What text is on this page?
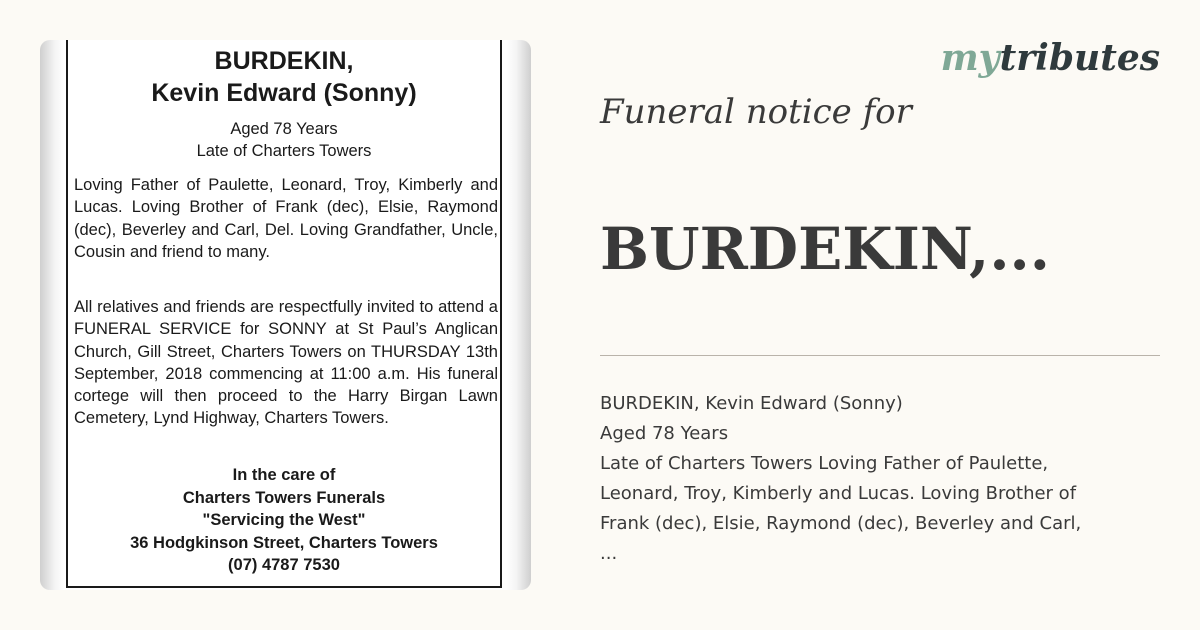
BURDEKIN,
Kevin Edward (Sonny)
Aged 78 Years
Late of Charters Towers
Loving Father of Paulette, Leonard, Troy, Kimberly and Lucas. Loving Brother of Frank (dec), Elsie, Raymond (dec), Beverley and Carl, Del. Loving Grandfather, Uncle, Cousin and friend to many.
All relatives and friends are respectfully invited to attend a FUNERAL SERVICE for SONNY at St Paul’s Anglican Church, Gill Street, Charters Towers on THURSDAY 13th September, 2018 commencing at 11:00 a.m. His funeral cortege will then proceed to the Harry Birgan Lawn Cemetery, Lynd Highway, Charters Towers.
In the care of
Charters Towers Funerals
"Servicing the West"
36 Hodgkinson Street, Charters Towers
(07) 4787 7530
mytributes
Funeral notice for
BURDEKIN,...
BURDEKIN, Kevin Edward (Sonny)
Aged 78 Years
Late of Charters Towers Loving Father of Paulette,
Leonard, Troy, Kimberly and Lucas. Loving Brother of
Frank (dec), Elsie, Raymond (dec), Beverley and Carl,
...
